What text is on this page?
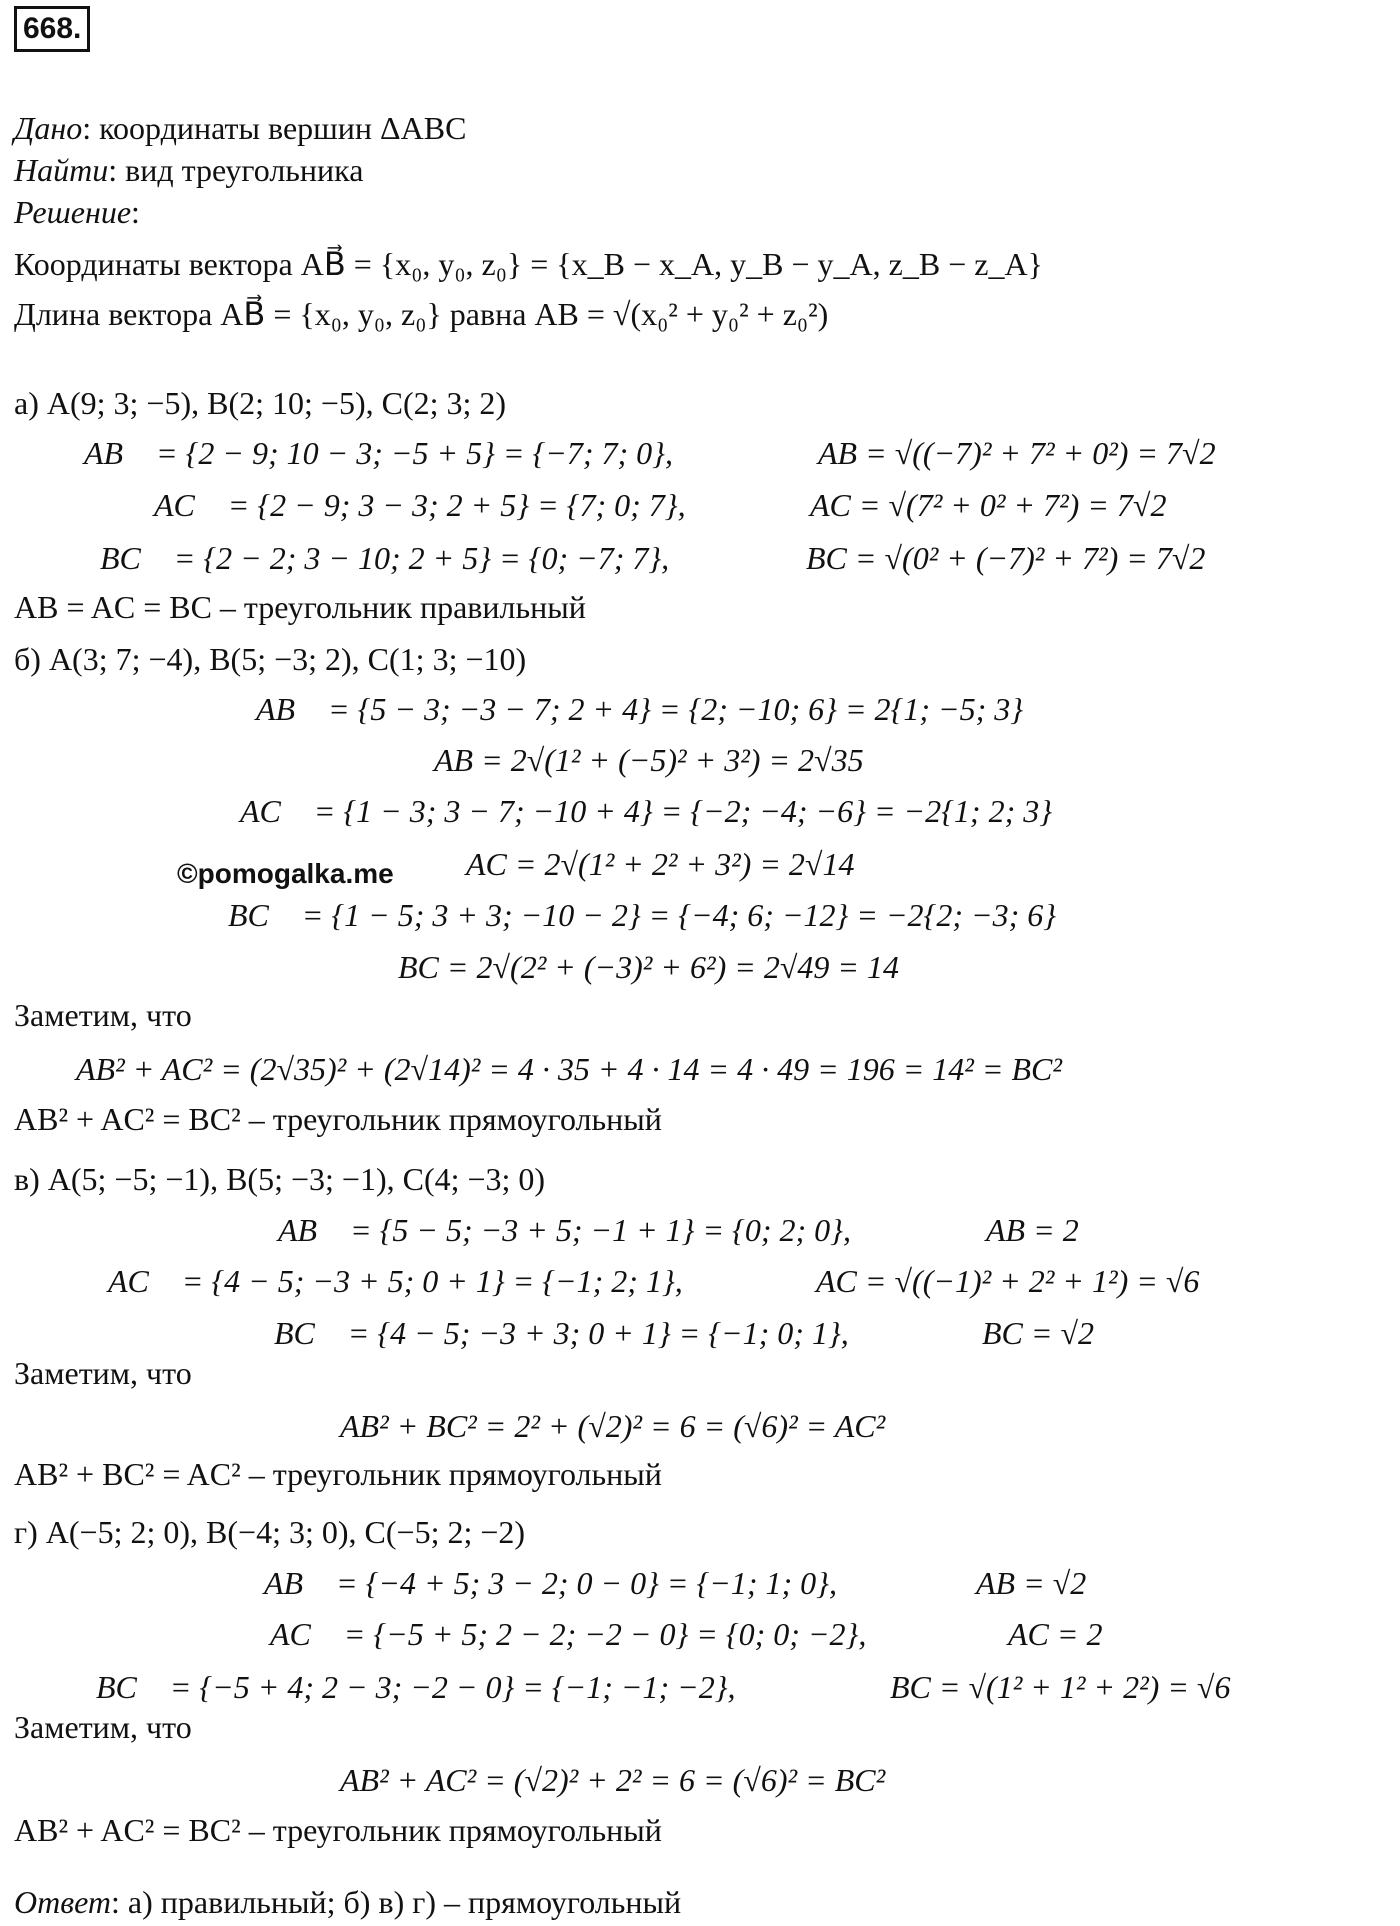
668.
Дано: координаты вершин ΔABC
Найти: вид треугольника
Решение:
Координаты вектора AB⃗ = {x₀, y₀, z₀} = {x_B − x_A, y_B − y_A, z_B − z_A}
Длина вектора AB⃗ = {x₀, y₀, z₀} равна AB = √(x₀² + y₀² + z₀²)
а) A(9; 3; −5), B(2; 10; −5), C(2; 3; 2)
AB⃗ = {2 − 9; 10 − 3; −5 + 5} = {−7; 7; 0},	AB = √((−7)² + 7² + 0²) = 7√2
AC⃗ = {2 − 9; 3 − 3; 2 + 5} = {7; 0; 7},	AC = √(7² + 0² + 7²) = 7√2
BC⃗ = {2 − 2; 3 − 10; 2 + 5} = {0; −7; 7},	BC = √(0² + (−7)² + 7²) = 7√2
AB = AC = BC – треугольник правильный
б) A(3; 7; −4), B(5; −3; 2), C(1; 3; −10)
AB⃗ = {5 − 3; −3 − 7; 2 + 4} = {2; −10; 6} = 2{1; −5; 3}
AB = 2√(1² + (−5)² + 3²) = 2√35
AC⃗ = {1 − 3; 3 − 7; −10 + 4} = {−2; −4; −6} = −2{1; 2; 3}
AC = 2√(1² + 2² + 3²) = 2√14
©pomogalka.me
BC⃗ = {1 − 5; 3 + 3; −10 − 2} = {−4; 6; −12} = −2{2; −3; 6}
BC = 2√(2² + (−3)² + 6²) = 2√49 = 14
Заметим, что
AB² + AC² = (2√35)² + (2√14)² = 4 · 35 + 4 · 14 = 4 · 49 = 196 = 14² = BC²
AB² + AC² = BC² – треугольник прямоугольный
в) A(5; −5; −1), B(5; −3; −1), C(4; −3; 0)
AB⃗ = {5 − 5; −3 + 5; −1 + 1} = {0; 2; 0},	AB = 2
AC⃗ = {4 − 5; −3 + 5; 0 + 1} = {−1; 2; 1},	AC = √((−1)² + 2² + 1²) = √6
BC⃗ = {4 − 5; −3 + 3; 0 + 1} = {−1; 0; 1},	BC = √2
Заметим, что
AB² + BC² = 2² + (√2)² = 6 = (√6)² = AC²
AB² + BC² = AC² – треугольник прямоугольный
г) A(−5; 2; 0), B(−4; 3; 0), C(−5; 2; −2)
AB⃗ = {−4 + 5; 3 − 2; 0 − 0} = {−1; 1; 0},	AB = √2
AC⃗ = {−5 + 5; 2 − 2; −2 − 0} = {0; 0; −2},	AC = 2
BC⃗ = {−5 + 4; 2 − 3; −2 − 0} = {−1; −1; −2},	BC = √(1² + 1² + 2²) = √6
Заметим, что
AB² + AC² = (√2)² + 2² = 6 = (√6)² = BC²
AB² + AC² = BC² – треугольник прямоугольный
Ответ: а) правильный; б) в) г) – прямоугольный
